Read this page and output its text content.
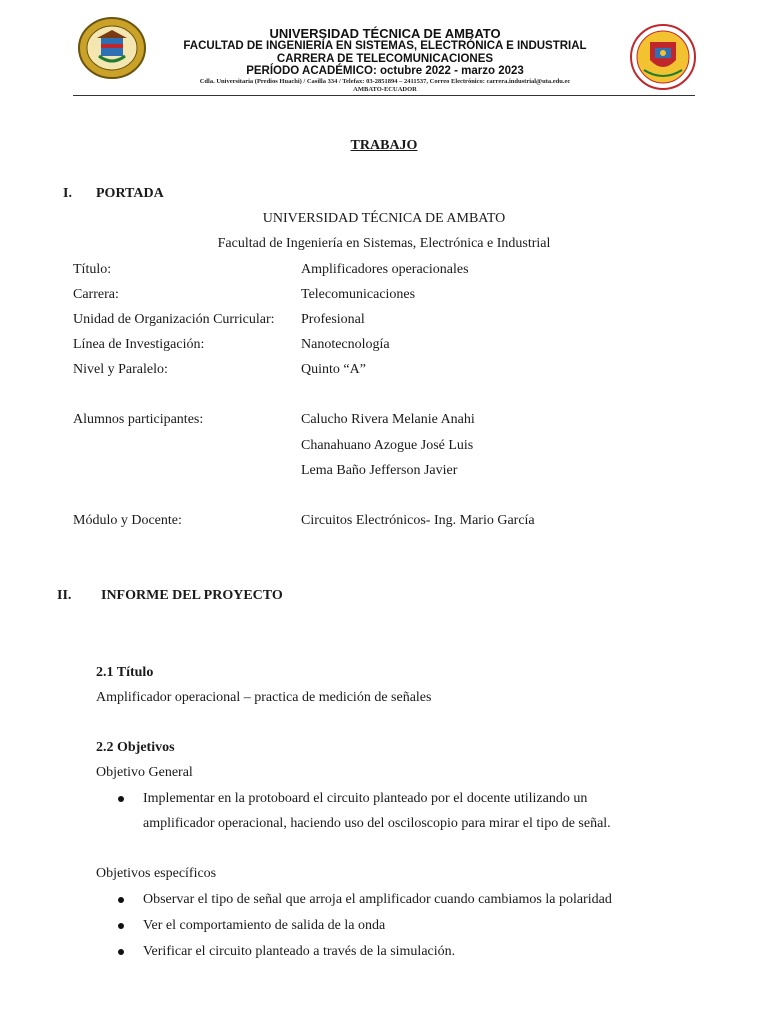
UNIVERSIDAD TÉCNICA DE AMBATO
FACULTAD DE INGENIERÍA EN SISTEMAS, ELECTRÓNICA E INDUSTRIAL
CARRERA DE TELECOMUNICACIONES
PERÍODO ACADÉMICO: octubre 2022 - marzo 2023
Cdla. Universitaria (Predios Huachi) / Casilla 334 / Telefax: 03-2851894 – 2411537, Correo Electrónico: carrera.industrial@uta.edu.ec
AMBATO-ECUADOR
TRABAJO
I. PORTADA
UNIVERSIDAD TÉCNICA DE AMBATO
Facultad de Ingeniería en Sistemas, Electrónica e Industrial
Título:	Amplificadores operacionales
Carrera:	Telecomunicaciones
Unidad de Organización Curricular: Profesional
Línea de Investigación:	Nanotecnología
Nivel y Paralelo:	Quinto “A”
Alumnos participantes:	Calucho Rivera Melanie Anahi
Chanahuano Azogue José Luis
Lema Baño Jefferson Javier
Módulo y Docente:	Circuitos Electrónicos- Ing. Mario García
II. INFORME DEL PROYECTO
2.1 Título
Amplificador operacional – practica de medición de señales
2.2 Objetivos
Objetivo General
Implementar en la protoboard el circuito planteado por el docente utilizando un
amplificador operacional, haciendo uso del osciloscopio para mirar el tipo de señal.
Objetivos específicos
Observar el tipo de señal que arroja el amplificador cuando cambiamos la polaridad
Ver el comportamiento de salida de la onda
Verificar el circuito planteado a través de la simulación.
